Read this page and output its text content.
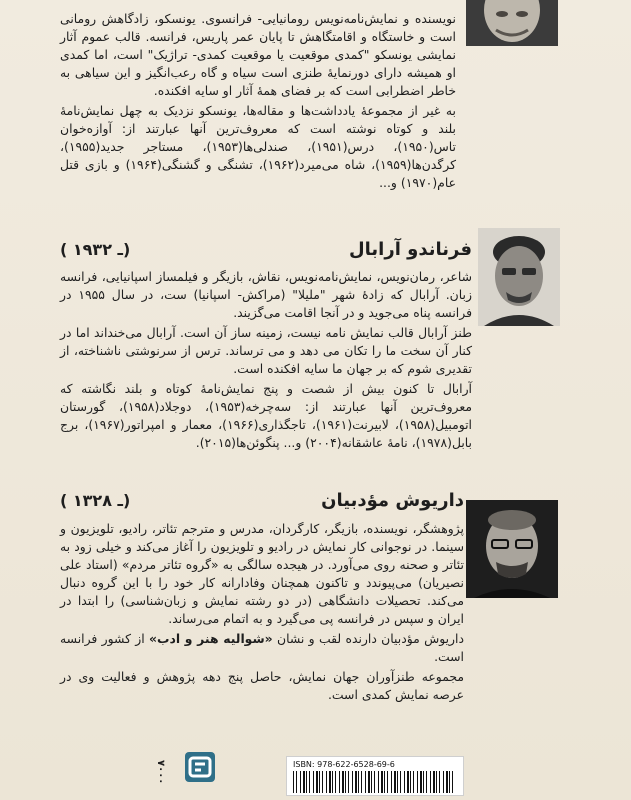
نویسنده و نمایش‌نامه‌نویس رومانیایی- فرانسوی. یونسکو، زادگاهش رومانی است و خاستگاه و اقامتگاهش تا پایان عمر پاریس، فرانسه. قالب عموم آثار نمایشی یونسکو "کمدی موقعیت یا موقعیت کمدی- تراژیک" است، اما کمدی او همیشه دارای دورنمایهٔ طنزی است سیاه و گاه رعب‌انگیز و این سیاهی به خاطر اضطرابی است که بر فضای همهٔ آثار او سایه افکنده.

به غیر از مجموعهٔ یادداشت‌ها و مقاله‌ها، یونسکو نزدیک به چهل نمایش‌نامهٔ بلند و کوتاه نوشته است که معروف‌ترین آنها عبارتند از: آوازه‌خوان تاس(۱۹۵۰)، درس(۱۹۵۱)، صندلی‌ها(۱۹۵۳)، مستاجر جدید(۱۹۵۵)، کرگدن‌ها(۱۹۵۹)، شاه می‌میرد(۱۹۶۲)، تشنگی و گشنگی(۱۹۶۴) و بازی قتل عام(۱۹۷۰) و...

فرناندو آرابال
( ـ ۱۹۳۲)

شاعر، رمان‌نویس، نمایش‌نامه‌نویس، نقاش، بازیگر و فیلمساز اسپانیایی، فرانسه زبان. آرابال که زادهٔ شهر "ملیلا" (مراکش- اسپانیا) ست، در سال ۱۹۵۵ در فرانسه پناه می‌جوید و در آنجا اقامت می‌گزیند.

طنز آرابال قالب نمایش نامه نیست، زمینه ساز آن است. آرابال می‌خنداند اما در کنار آن سخت ما را تکان می دهد و می ترساند. ترس از سرنوشتی ناشناخته، از تقدیری شوم که بر جهان ما سایه افکنده است.

آرابال تا کنون بیش از شصت و پنج نمایش‌نامهٔ کوتاه و بلند نگاشته که معروف‌ترین آنها عبارتند از: سه‌چرخه(۱۹۵۳)، دوجلاد(۱۹۵۸)، گورستان اتومبیل(۱۹۵۸)، لابیرنت(۱۹۶۱)، تاجگذاری(۱۹۶۶)، معمار و امپراتور(۱۹۶۷)، برج بابل(۱۹۷۸)، نامهٔ عاشقانه(۲۰۰۴) و... پنگوئن‌ها(۲۰۱۵).

داریوش مؤدبیان
( ـ ۱۳۲۸)

پژوهشگر، نویسنده، بازیگر، کارگردان، مدرس و مترجم تئاتر، رادیو، تلویزیون و سینما. در نوجوانی کار نمایش در رادیو و تلویزیون را آغاز می‌کند و خیلی زود به تئاتر و صحنه روی می‌آورد. در هیجده سالگی به «گروه تئاتر مردم» (استاد علی نصیریان) می‌پیوندد و تاکنون همچنان وفادارانه کار خود را با این گروه دنبال می‌کند. تحصیلات دانشگاهی (در دو رشته نمایش و زبان‌شناسی) را ابتدا در ایران و سپس در فرانسه پی می‌گیرد و به اتمام می‌رساند.

داریوش مؤدبیان دارنده لقب و نشان «شوالیه هنر و ادب» از کشور فرانسه است.

مجموعه طنزآوران جهان نمایش، حاصل پنج دهه پژوهش و فعالیت وی در عرصه نمایش کمدی است.

۷۰۰۰	ISBN: 978-622-6528-69-6
